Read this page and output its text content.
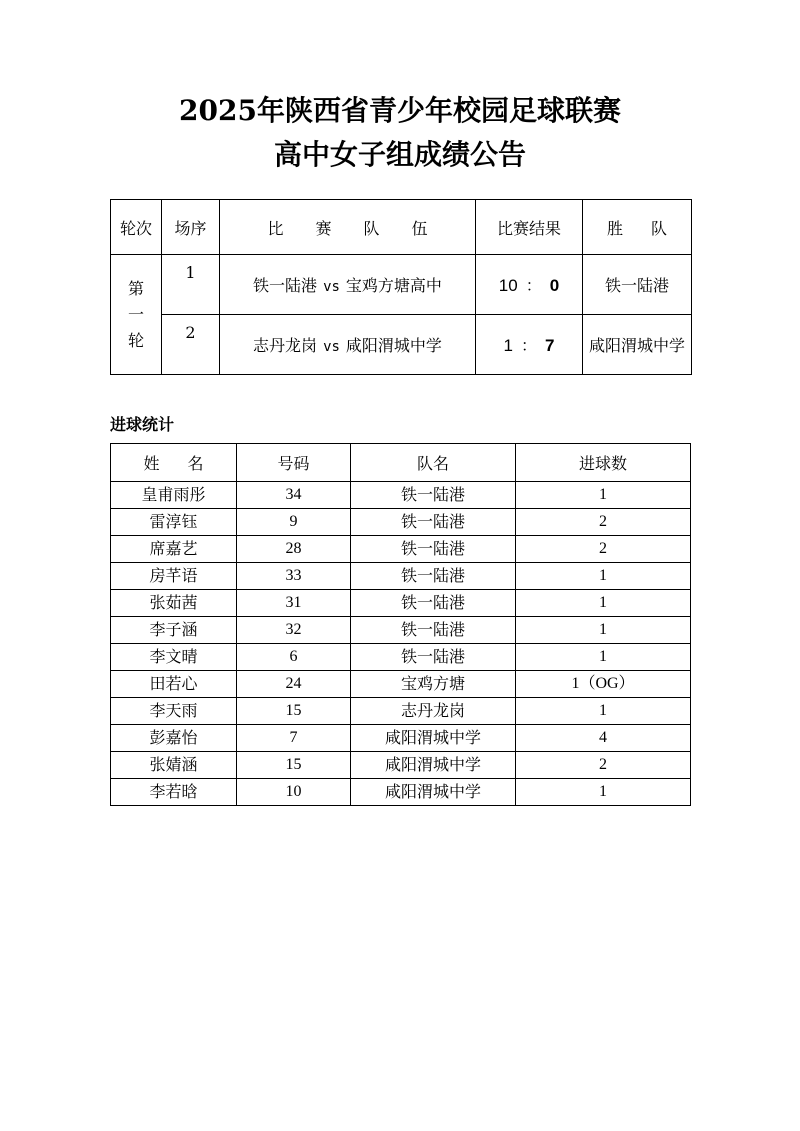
2025年陕西省青少年校园足球联赛
高中女子组成绩公告
轮次	场序	比 赛 队 伍	比赛结果	胜 队

第
一
轮	1	铁一陆港 vs 宝鸡方塘高中	10 ： 0	铁一陆港
	2	志丹龙岗 vs 咸阳渭城中学	1 ： 7	咸阳渭城中学
进球统计
姓 名	号码	队名	进球数
皇甫雨彤	34	铁一陆港	1
雷淳钰	9	铁一陆港	2
席嘉艺	28	铁一陆港	2
房芊语	33	铁一陆港	1
张茹茜	31	铁一陆港	1
李子涵	32	铁一陆港	1
李文晴	6	铁一陆港	1
田若心	24	宝鸡方塘	1（OG）
李天雨	15	志丹龙岗	1
彭嘉怡	7	咸阳渭城中学	4
张婧涵	15	咸阳渭城中学	2
李若晗	10	咸阳渭城中学	1
